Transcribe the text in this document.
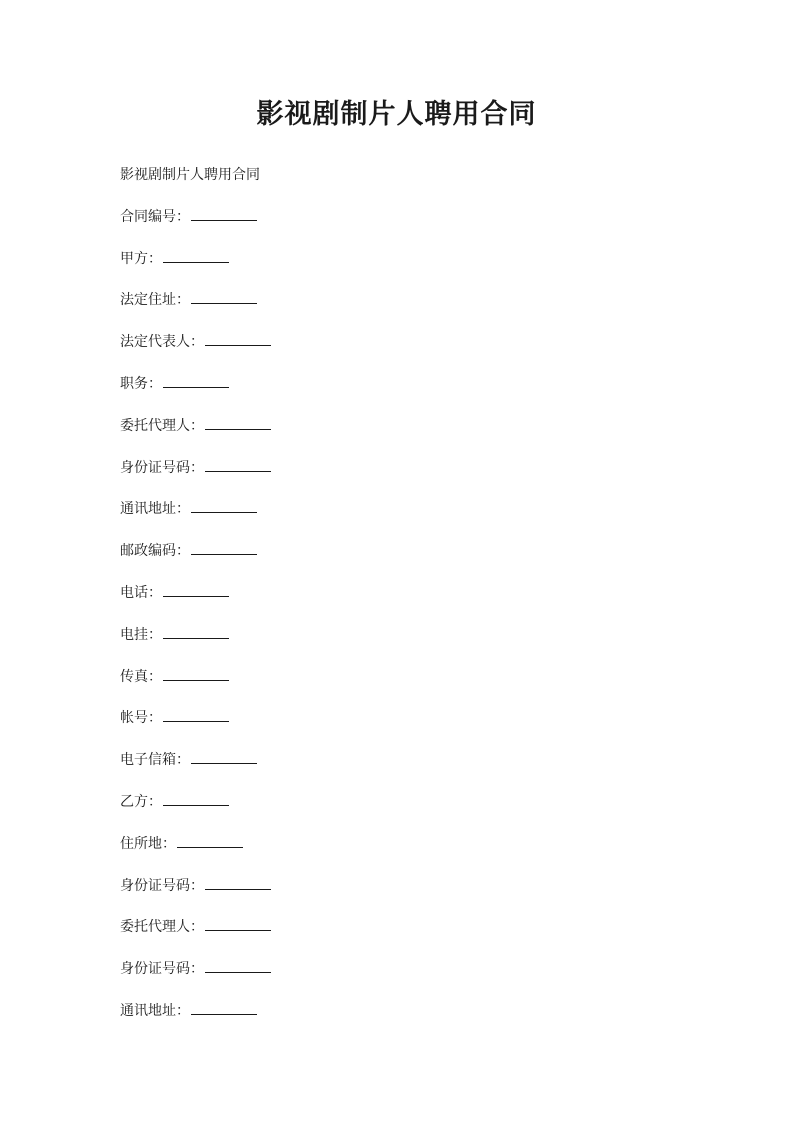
影视剧制片人聘用合同
影视剧制片人聘用合同
合同编号：
甲方：
法定住址：
法定代表人：
职务：
委托代理人：
身份证号码：
通讯地址：
邮政编码：
电话：
电挂：
传真：
帐号：
电子信箱：
乙方：
住所地：
身份证号码：
委托代理人：
身份证号码：
通讯地址：
